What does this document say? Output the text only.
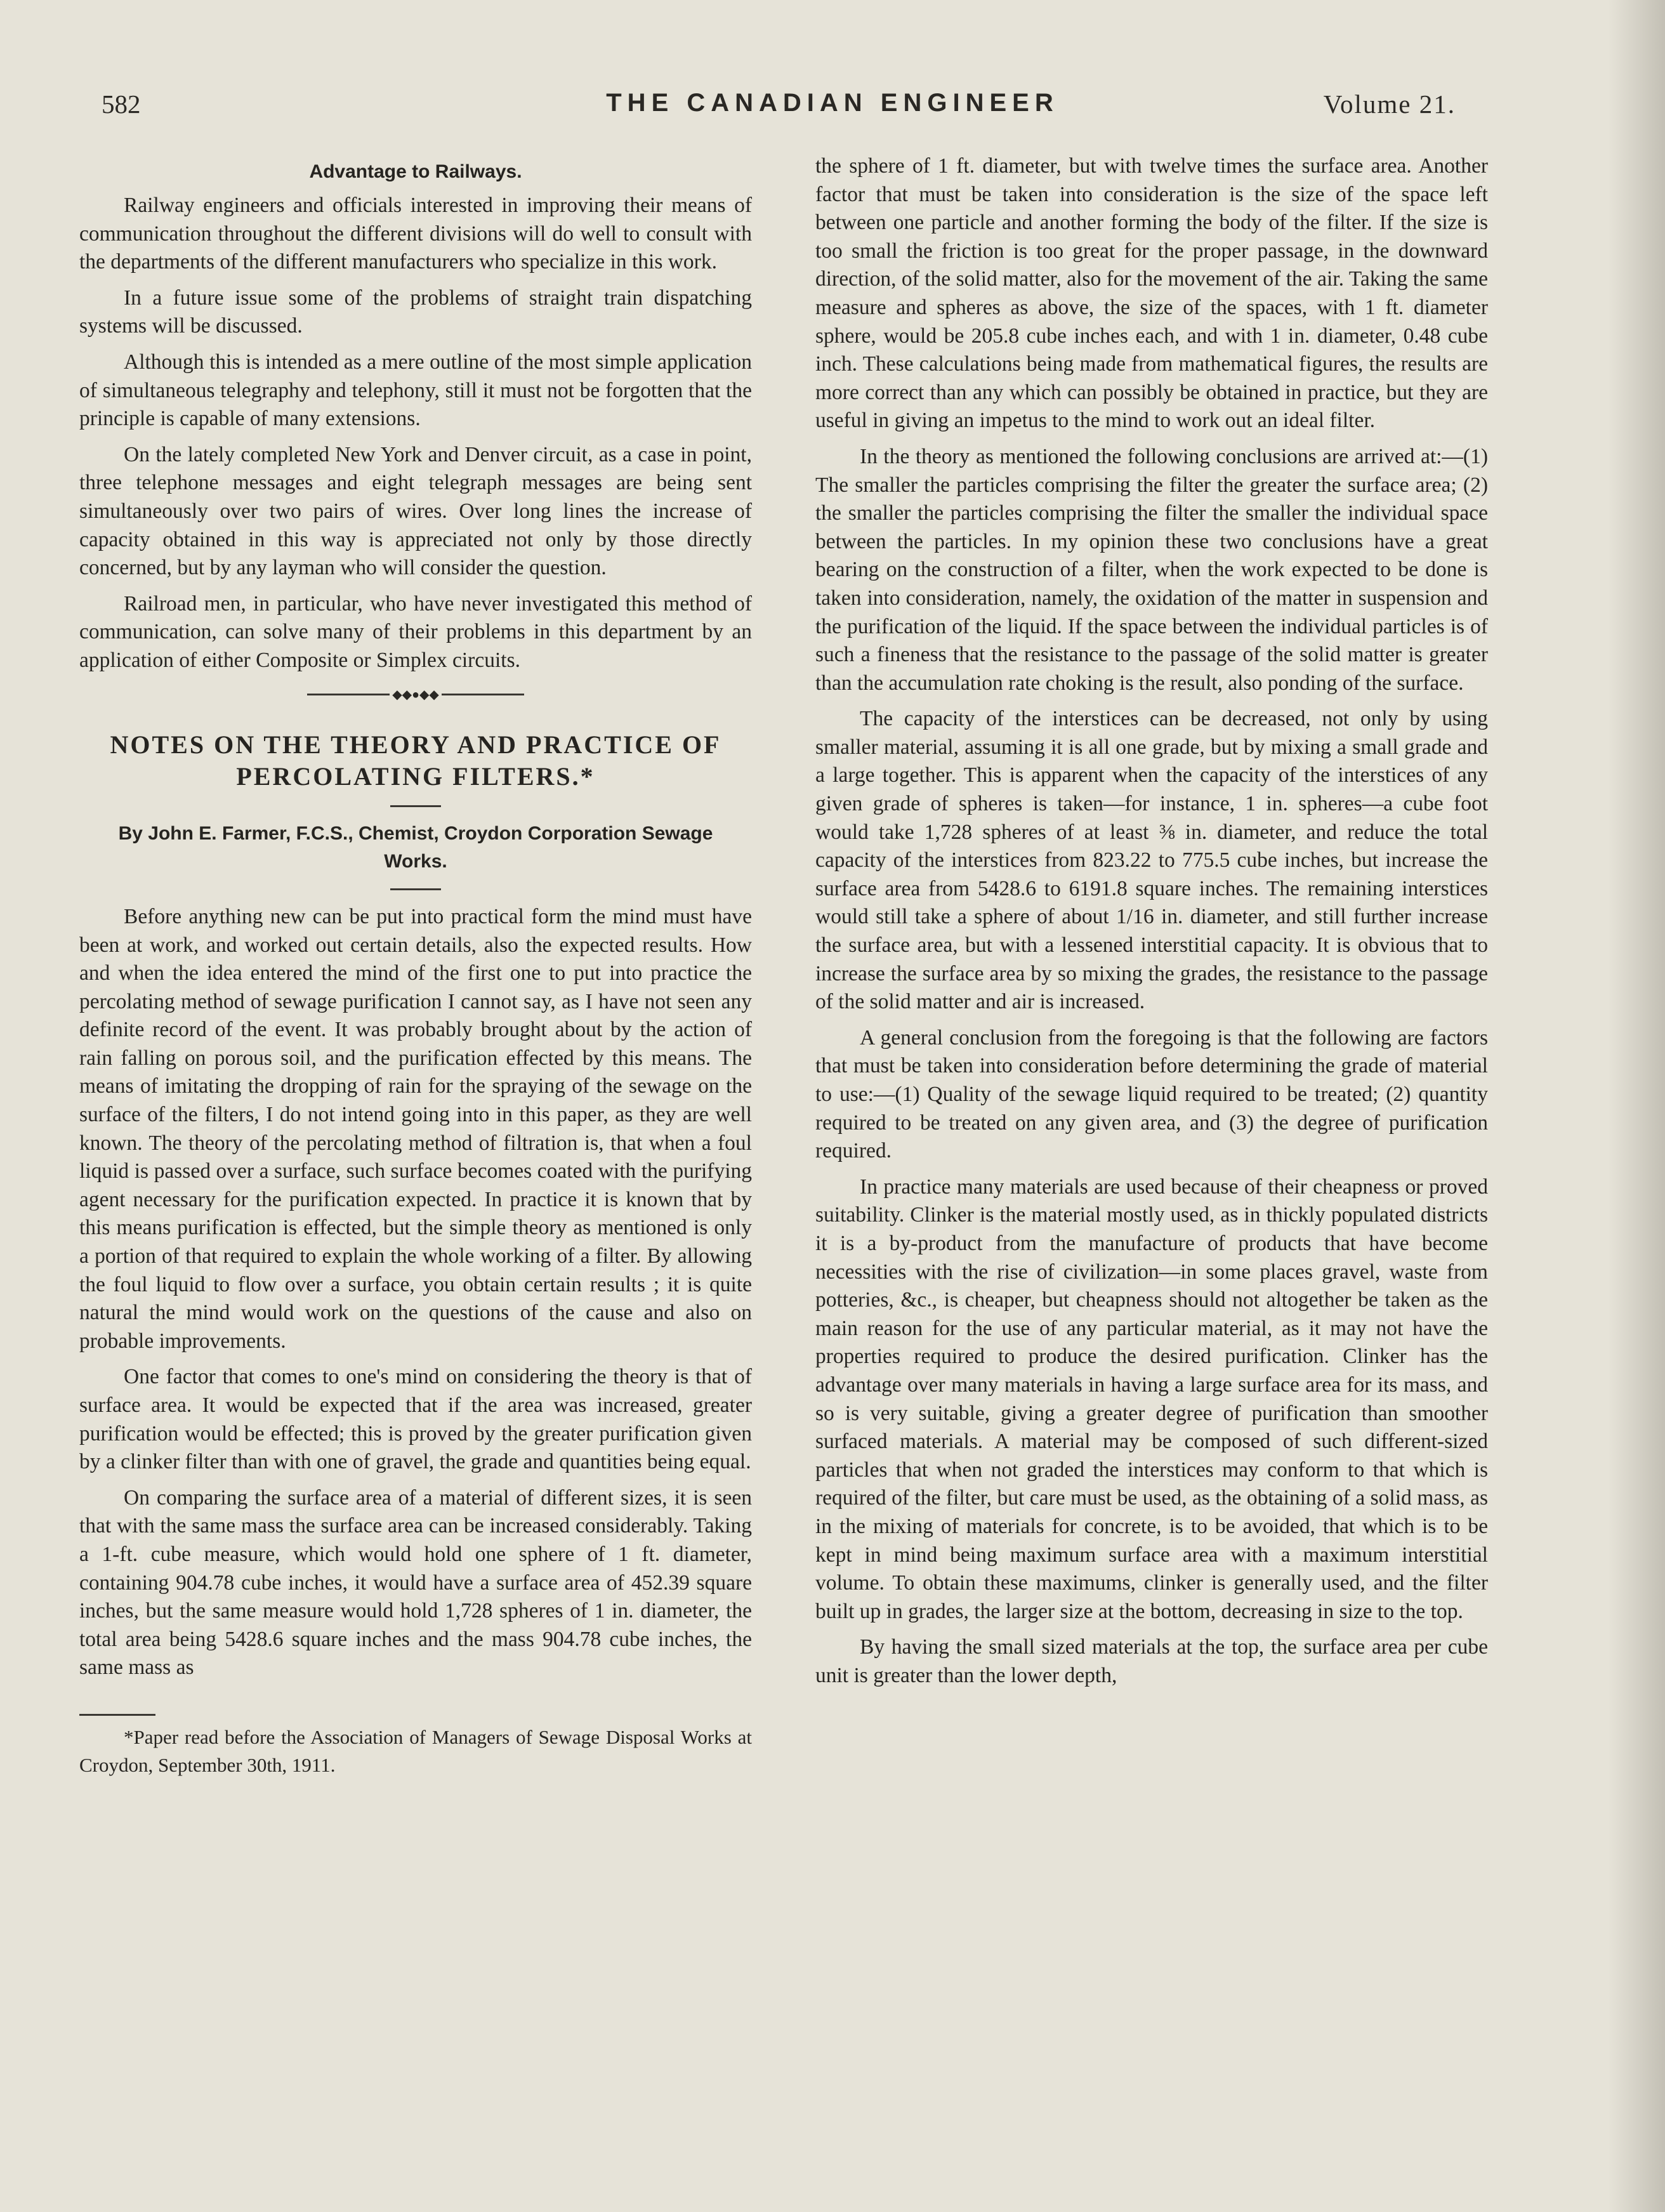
582	THE CANADIAN ENGINEER	Volume 21.
Advantage to Railways.

Railway engineers and officials interested in improving their means of communication throughout the different divisions will do well to consult with the departments of the different manufacturers who specialize in this work.

In a future issue some of the problems of straight train dispatching systems will be discussed.

Although this is intended as a mere outline of the most simple application of simultaneous telegraphy and telephony, still it must not be forgotten that the principle is capable of many extensions.

On the lately completed New York and Denver circuit, as a case in point, three telephone messages and eight telegraph messages are being sent simultaneously over two pairs of wires. Over long lines the increase of capacity obtained in this way is appreciated not only by those directly concerned, but by any layman who will consider the question.

Railroad men, in particular, who have never investigated this method of communication, can solve many of their problems in this department by an application of either Composite or Simplex circuits.

◆◆●◆◆
NOTES ON THE THEORY AND PRACTICE OF PERCOLATING FILTERS.*
By John E. Farmer, F.C.S., Chemist, Croydon Corporation Sewage Works.

Before anything new can be put into practical form the mind must have been at work, and worked out certain details, also the expected results. How and when the idea entered the mind of the first one to put into practice the percolating method of sewage purification I cannot say, as I have not seen any definite record of the event. It was probably brought about by the action of rain falling on porous soil, and the purification effected by this means. The means of imitating the dropping of rain for the spraying of the sewage on the surface of the filters, I do not intend going into in this paper, as they are well known. The theory of the percolating method of filtration is, that when a foul liquid is passed over a surface, such surface becomes coated with the purifying agent necessary for the purification expected. In practice it is known that by this means purification is effected, but the simple theory as mentioned is only a portion of that required to explain the whole working of a filter. By allowing the foul liquid to flow over a surface, you obtain certain results ; it is quite natural the mind would work on the questions of the cause and also on probable improvements.

One factor that comes to one's mind on considering the theory is that of surface area. It would be expected that if the area was increased, greater purification would be effected; this is proved by the greater purification given by a clinker filter than with one of gravel, the grade and quantities being equal.

On comparing the surface area of a material of different sizes, it is seen that with the same mass the surface area can be increased considerably. Taking a 1-ft. cube measure, which would hold one sphere of 1 ft. diameter, containing 904.78 cube inches, it would have a surface area of 452.39 square inches, but the same measure would hold 1,728 spheres of 1 in. diameter, the total area being 5428.6 square inches and the mass 904.78 cube inches, the same mass as

*Paper read before the Association of Managers of Sewage Disposal Works at Croydon, September 30th, 1911.

the sphere of 1 ft. diameter, but with twelve times the surface area. Another factor that must be taken into consideration is the size of the space left between one particle and another forming the body of the filter. If the size is too small the friction is too great for the proper passage, in the downward direction, of the solid matter, also for the movement of the air. Taking the same measure and spheres as above, the size of the spaces, with 1 ft. diameter sphere, would be 205.8 cube inches each, and with 1 in. diameter, 0.48 cube inch. These calculations being made from mathematical figures, the results are more correct than any which can possibly be obtained in practice, but they are useful in giving an impetus to the mind to work out an ideal filter.

In the theory as mentioned the following conclusions are arrived at:—(1) The smaller the particles comprising the filter the greater the surface area; (2) the smaller the particles comprising the filter the smaller the individual space between the particles. In my opinion these two conclusions have a great bearing on the construction of a filter, when the work expected to be done is taken into consideration, namely, the oxidation of the matter in suspension and the purification of the liquid. If the space between the individual particles is of such a fineness that the resistance to the passage of the solid matter is greater than the accumulation rate choking is the result, also ponding of the surface.

The capacity of the interstices can be decreased, not only by using smaller material, assuming it is all one grade, but by mixing a small grade and a large together. This is apparent when the capacity of the interstices of any given grade of spheres is taken—for instance, 1 in. spheres—a cube foot would take 1,728 spheres of at least ⅜ in. diameter, and reduce the total capacity of the interstices from 823.22 to 775.5 cube inches, but increase the surface area from 5428.6 to 6191.8 square inches. The remaining interstices would still take a sphere of about 1/16 in. diameter, and still further increase the surface area, but with a lessened interstitial capacity. It is obvious that to increase the surface area by so mixing the grades, the resistance to the passage of the solid matter and air is increased.

A general conclusion from the foregoing is that the following are factors that must be taken into consideration before determining the grade of material to use:—(1) Quality of the sewage liquid required to be treated; (2) quantity required to be treated on any given area, and (3) the degree of purification required.

In practice many materials are used because of their cheapness or proved suitability. Clinker is the material mostly used, as in thickly populated districts it is a by-product from the manufacture of products that have become necessities with the rise of civilization—in some places gravel, waste from potteries, &c., is cheaper, but cheapness should not altogether be taken as the main reason for the use of any particular material, as it may not have the properties required to produce the desired purification. Clinker has the advantage over many materials in having a large surface area for its mass, and so is very suitable, giving a greater degree of purification than smoother surfaced materials. A material may be composed of such different-sized particles that when not graded the interstices may conform to that which is required of the filter, but care must be used, as the obtaining of a solid mass, as in the mixing of materials for concrete, is to be avoided, that which is to be kept in mind being maximum surface area with a maximum interstitial volume. To obtain these maximums, clinker is generally used, and the filter built up in grades, the larger size at the bottom, decreasing in size to the top.

By having the small sized materials at the top, the surface area per cube unit is greater than the lower depth,
